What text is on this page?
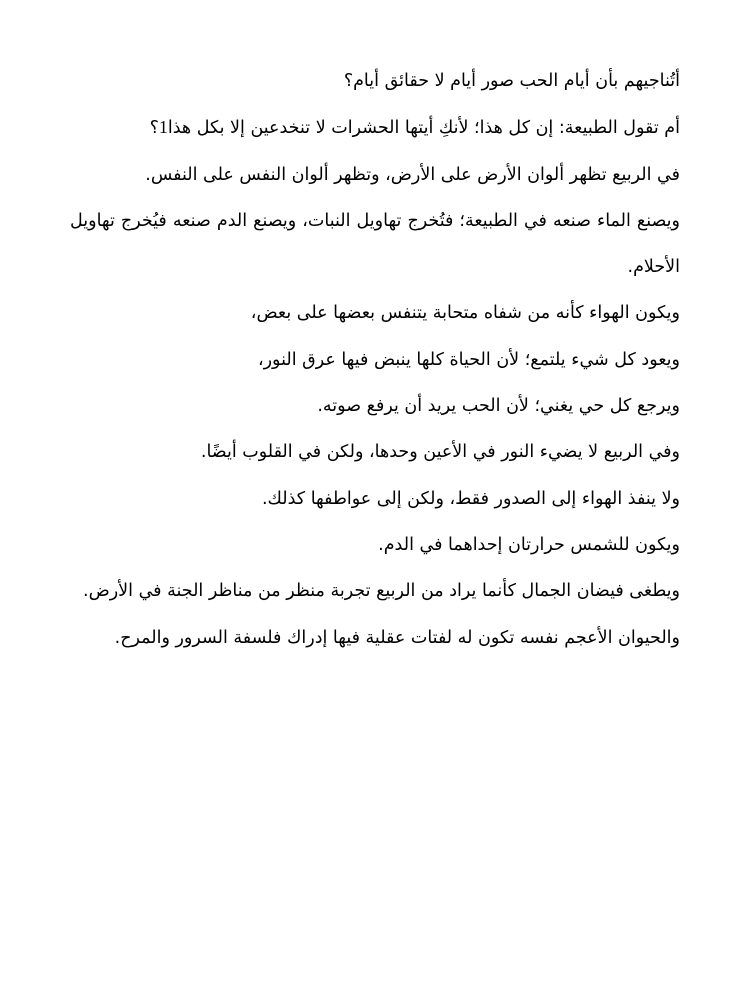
أتُناجيهم بأن أيام الحب صور أيام لا حقائق أيام؟

أم تقول الطبيعة: إن كل هذا؛ لأنكِ أيتها الحشرات لا تنخدعين إلا بكل هذا1؟

في الربيع تظهر ألوان الأرض على الأرض، وتظهر ألوان النفس على النفس.

ويصنع الماء صنعه في الطبيعة؛ فتُخرج تهاويل النبات، ويصنع الدم صنعه فيُخرج تهاويل الأحلام.

ويكون الهواء كأنه من شفاه متحابة يتنفس بعضها على بعض،

ويعود كل شيء يلتمع؛ لأن الحياة كلها ينبض فيها عرق النور،

ويرجع كل حي يغني؛ لأن الحب يريد أن يرفع صوته.

وفي الربيع لا يضيء النور في الأعين وحدها، ولكن في القلوب أيضًا.

ولا ينفذ الهواء إلى الصدور فقط، ولكن إلى عواطفها كذلك.

ويكون للشمس حرارتان إحداهما في الدم.

ويطغى فيضان الجمال كأنما يراد من الربيع تجربة منظر من مناظر الجنة في الأرض.

والحيوان الأعجم نفسه تكون له لفتات عقلية فيها إدراك فلسفة السرور والمرح.
